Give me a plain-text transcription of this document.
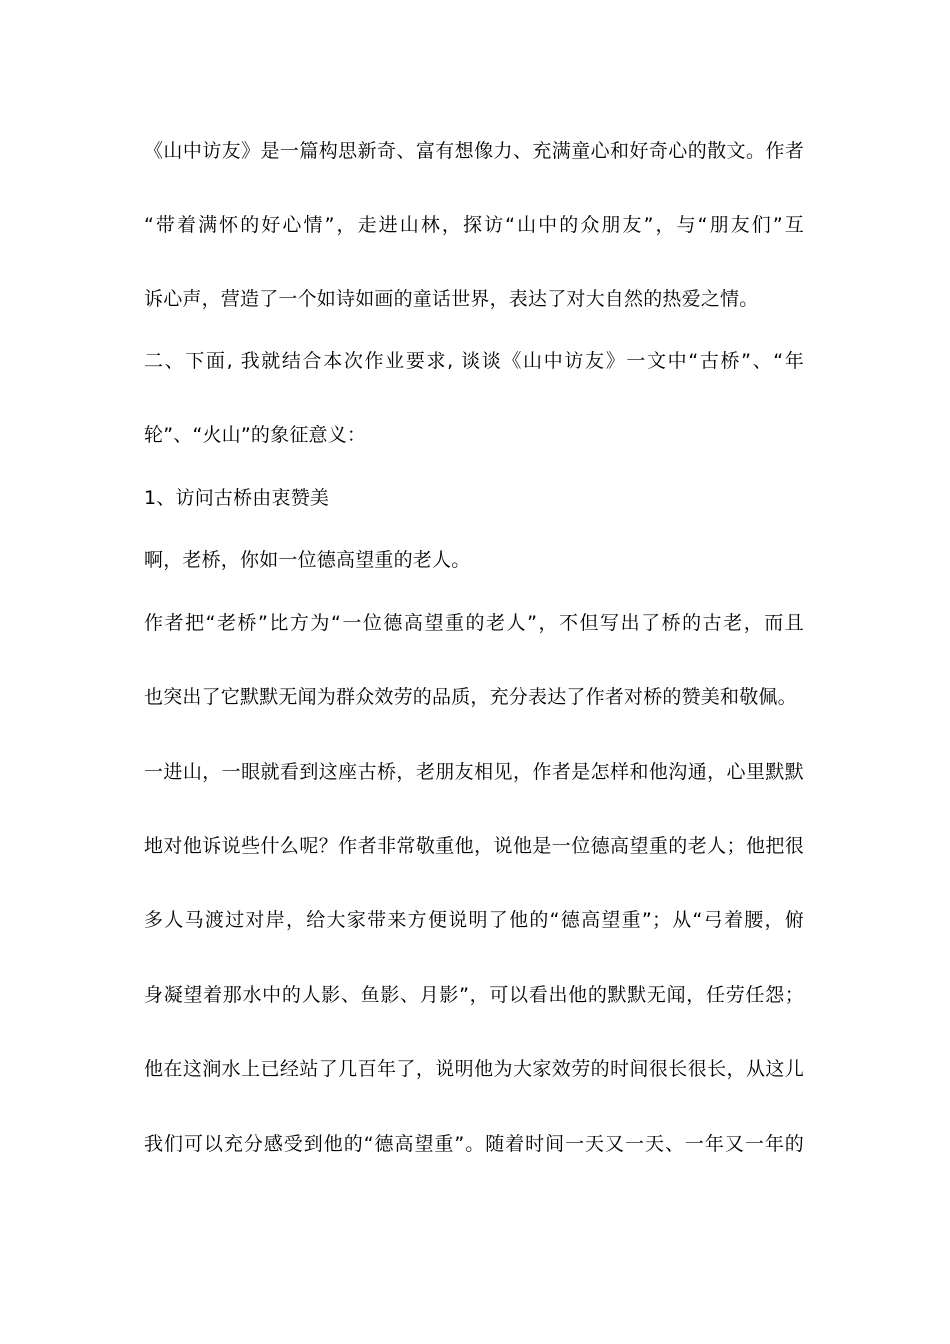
《山中访友》是一篇构思新奇、富有想像力、充满童心和好奇心的散文。作者
“带着满怀的好心情”，走进山林，探访“山中的众朋友”，与“朋友们”互
诉心声，营造了一个如诗如画的童话世界，表达了对大自然的热爱之情。
二、下面, 我就结合本次作业要求, 谈谈《山中访友》一文中“古桥”、“年
轮”、“火山”的象征意义：
1、访问古桥由衷赞美
啊，老桥，你如一位德高望重的老人。
作者把“老桥”比方为“一位德高望重的老人”，不但写出了桥的古老，而且
也突出了它默默无闻为群众效劳的品质，充分表达了作者对桥的赞美和敬佩。
一进山，一眼就看到这座古桥，老朋友相见，作者是怎样和他沟通，心里默默
地对他诉说些什么呢？作者非常敬重他，说他是一位德高望重的老人；他把很
多人马渡过对岸，给大家带来方便说明了他的“德高望重”；从“弓着腰，俯
身凝望着那水中的人影、鱼影、月影”，可以看出他的默默无闻，任劳任怨；
他在这涧水上已经站了几百年了，说明他为大家效劳的时间很长很长，从这儿
我们可以充分感受到他的“德高望重”。随着时间一天又一天、一年又一年的
